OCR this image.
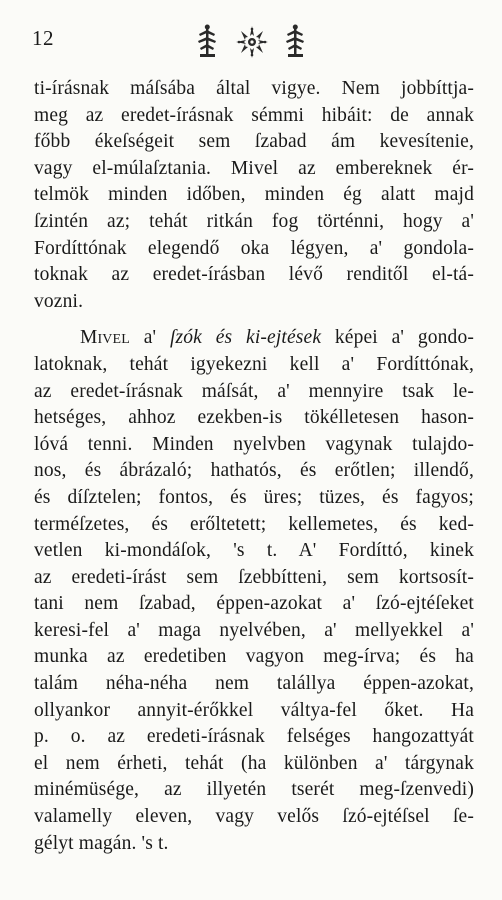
12
ti-írásnak máſsába által vigye. Nem jobbíttja-
meg az eredet-írásnak sémmi hibáit: de annak
főbb ékeſségeit sem ſzabad ám kevesítenie,
vagy el-múlaſztania. Mivel az embereknek ér-
telmök minden időben, minden ég alatt majd
ſzintén az; tehát ritkán fog történni, hogy a'
Fordíttónak elegendő oka légyen, a' gondola-
toknak az eredet-írásban lévő renditől el-tá-
vozni.
Mivel a' ſzók és ki-ejtések képei a' gondo-
latoknak, tehát igyekezni kell a' Fordíttónak,
az eredet-írásnak máſsát, a' mennyire tsak le-
hetséges, ahhoz ezekben-is tökélletesen hason-
lóvá tenni. Minden nyelvben vagynak tulajdo-
nos, és ábrázaló; hathatós, és erőtlen; illendő,
és díſztelen; fontos, és üres; tüzes, és fagyos;
terméſzetes, és erőltetett; kellemetes, és ked-
vetlen ki-mondáſok, 's t. A' Fordíttó, kinek
az eredeti-írást sem ſzebbítteni, sem kortsosít-
tani nem ſzabad, éppen-azokat a' ſzó-ejtéſeket
keresi-fel a' maga nyelvében, a' mellyekkel a'
munka az eredetiben vagyon meg-írva; és ha
talám néha-néha nem talállya éppen-azokat,
ollyankor annyit-érőkkel váltya-fel őket. Ha
p. o. az eredeti-írásnak felséges hangozattyát
el nem érheti, tehát (ha különben a' tárgynak
minémüsége, az illyetén tserét meg-ſzenvedi)
valamelly eleven, vagy velős ſzó-ejtéſsel ſe-
gélyt magán. 's t.
